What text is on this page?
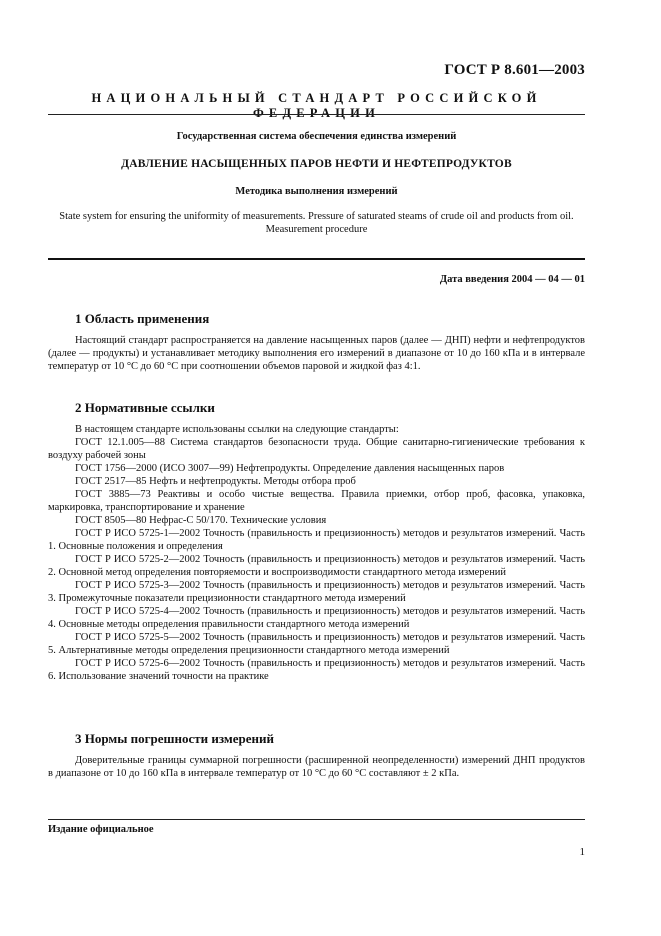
ГОСТ Р 8.601—2003
НАЦИОНАЛЬНЫЙ СТАНДАРТ РОССИЙСКОЙ ФЕДЕРАЦИИ
Государственная система обеспечения единства измерений
ДАВЛЕНИЕ НАСЫЩЕННЫХ ПАРОВ НЕФТИ И НЕФТЕПРОДУКТОВ
Методика выполнения измерений
State system for ensuring the uniformity of measurements. Pressure of saturated steams of crude oil and products from oil. Measurement procedure
Дата введения 2004 — 04 — 01
1 Область применения

Настоящий стандарт распространяется на давление насыщенных паров (далее — ДНП) нефти и нефтепродуктов (далее — продукты) и устанавливает методику выполнения его измерений в диапазоне от 10 до 160 кПа и в интервале температур от 10 °С до 60 °С при соотношении объемов паровой и жидкой фаз 4:1.

2 Нормативные ссылки

В настоящем стандарте использованы ссылки на следующие стандарты:

ГОСТ 12.1.005—88 Система стандартов безопасности труда. Общие санитарно-гигиенические требования к воздуху рабочей зоны

ГОСТ 1756—2000 (ИСО 3007—99) Нефтепродукты. Определение давления насыщенных паров

ГОСТ 2517—85 Нефть и нефтепродукты. Методы отбора проб

ГОСТ 3885—73 Реактивы и особо чистые вещества. Правила приемки, отбор проб, фасовка, упаковка, маркировка, транспортирование и хранение

ГОСТ 8505—80 Нефрас-С 50/170. Технические условия

ГОСТ Р ИСО 5725-1—2002 Точность (правильность и прецизионность) методов и результатов измерений. Часть 1. Основные положения и определения

ГОСТ Р ИСО 5725-2—2002 Точность (правильность и прецизионность) методов и результатов измерений. Часть 2. Основной метод определения повторяемости и воспроизводимости стандартного метода измерений

ГОСТ Р ИСО 5725-3—2002 Точность (правильность и прецизионность) методов и результатов измерений. Часть 3. Промежуточные показатели прецизионности стандартного метода измерений

ГОСТ Р ИСО 5725-4—2002 Точность (правильность и прецизионность) методов и результатов измерений. Часть 4. Основные методы определения правильности стандартного метода измерений

ГОСТ Р ИСО 5725-5—2002 Точность (правильность и прецизионность) методов и результатов измерений. Часть 5. Альтернативные методы определения прецизионности стандартного метода измерений

ГОСТ Р ИСО 5725-6—2002 Точность (правильность и прецизионность) методов и результатов измерений. Часть 6. Использование значений точности на практике

3 Нормы погрешности измерений

Доверительные границы суммарной погрешности (расширенной неопределенности) измерений ДНП продуктов в диапазоне от 10 до 160 кПа в интервале температур от 10 °С до 60 °С составляют ± 2 кПа.

Издание официальное
1
